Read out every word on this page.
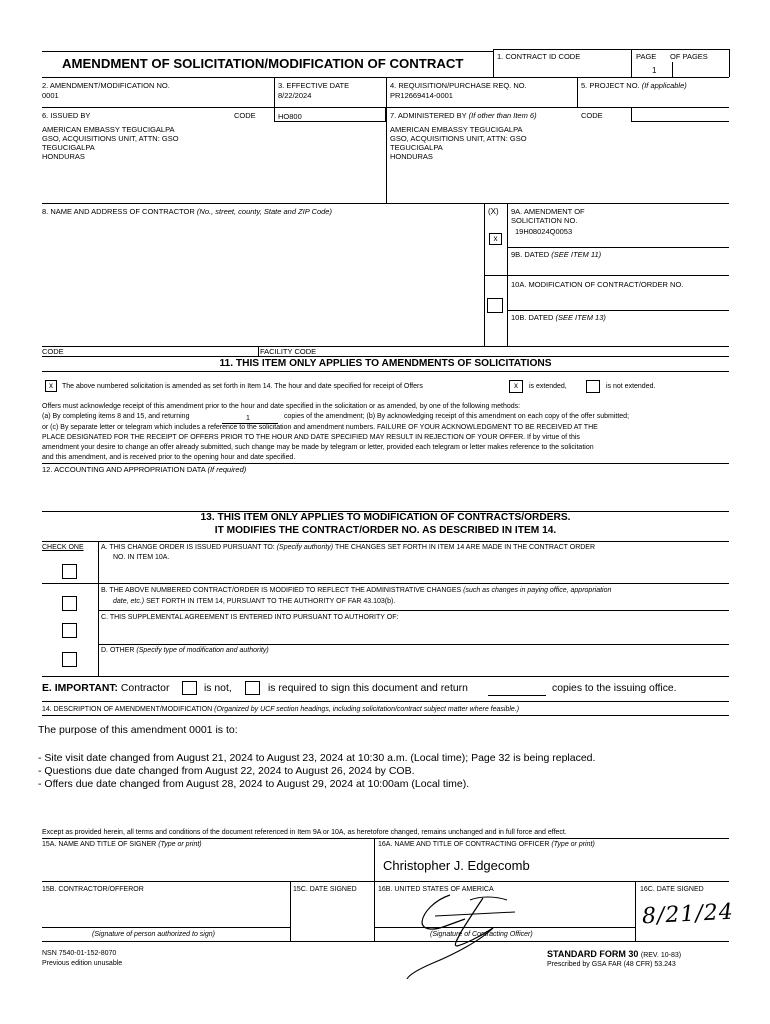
AMENDMENT OF SOLICITATION/MODIFICATION OF CONTRACT	1. CONTRACT ID CODE	PAGE OF PAGES
1
2. AMENDMENT/MODIFICATION NO.
0001
3. EFFECTIVE DATE
8/22/2024
4. REQUISITION/PURCHASE REQ. NO.
PR12669414-0001
5. PROJECT NO. (If applicable)
6. ISSUED BY	CODE	HO800
AMERICAN EMBASSY TEGUCIGALPA
GSO, ACQUISITIONS UNIT, ATTN: GSO
TEGUCIGALPA
HONDURAS
7. ADMINISTERED BY (If other than Item 6)	CODE
AMERICAN EMBASSY TEGUCIGALPA
GSO, ACQUISITIONS UNIT, ATTN: GSO
TEGUCIGALPA
HONDURAS
8. NAME AND ADDRESS OF CONTRACTOR (No., street, county, State and ZIP Code)	(X)
x
9A. AMENDMENT OF SOLICITATION NO.
19H08024Q0053
9B. DATED (SEE ITEM 11)
10A. MODIFICATION OF CONTRACT/ORDER NO.
10B. DATED (SEE ITEM 13)
CODE	FACILITY CODE
11. THIS ITEM ONLY APPLIES TO AMENDMENTS OF SOLICITATIONS
x	The above numbered solicitation is amended as set forth in Item 14. The hour and date specified for receipt of Offers	x	is extended,	is not extended.
Offers must acknowledge receipt of this amendment prior to the hour and date specified in the solicitation or as amended, by one of the following methods:
(a) By completing items 8 and 15, and returning	1	copies of the amendment; (b) By acknowledging receipt of this amendment on each copy of the offer submitted;
or (c) By separate letter or telegram which includes a reference to the solicitation and amendment numbers. FAILURE OF YOUR ACKNOWLEDGMENT TO BE RECEIVED AT THE
PLACE DESIGNATED FOR THE RECEIPT OF OFFERS PRIOR TO THE HOUR AND DATE SPECIFIED MAY RESULT IN REJECTION OF YOUR OFFER. If by virtue of this
amendment your desire to change an offer already submitted, such change may be made by telegram or letter, provided each telegram or letter makes reference to the solicitation
and this amendment, and is received prior to the opening hour and date specified.
12. ACCOUNTING AND APPROPRIATION DATA (If required)
13. THIS ITEM ONLY APPLIES TO MODIFICATION OF CONTRACTS/ORDERS.
IT MODIFIES THE CONTRACT/ORDER NO. AS DESCRIBED IN ITEM 14.
CHECK ONE A. THIS CHANGE ORDER IS ISSUED PURSUANT TO: (Specify authority) THE CHANGES SET FORTH IN ITEM 14 ARE MADE IN THE CONTRACT ORDER
NO. IN ITEM 10A.
B. THE ABOVE NUMBERED CONTRACT/ORDER IS MODIFIED TO REFLECT THE ADMINISTRATIVE CHANGES (such as changes in paying office, appropriation
date, etc.) SET FORTH IN ITEM 14, PURSUANT TO THE AUTHORITY OF FAR 43.103(b).
C. THIS SUPPLEMENTAL AGREEMENT IS ENTERED INTO PURSUANT TO AUTHORITY OF:
D. OTHER (Specify type of modification and authority)
E. IMPORTANT: Contractor	is not,	is required to sign this document and return	copies to the issuing office.
14. DESCRIPTION OF AMENDMENT/MODIFICATION (Organized by UCF section headings, including solicitation/contract subject matter where feasible.)
The purpose of this amendment 0001 is to:
- Site visit date changed from August 21, 2024 to August 23, 2024 at 10:30 a.m. (Local time); Page 32 is being replaced.
- Questions due date changed from August 22, 2024 to August 26, 2024 by COB.
- Offers due date changed from August 28, 2024 to August 29, 2024 at 10:00am (Local time).
Except as provided herein, all terms and conditions of the document referenced in Item 9A or 10A, as heretofore changed, remains unchanged and in full force and effect.
15A. NAME AND TITLE OF SIGNER (Type or print)	16A. NAME AND TITLE OF CONTRACTING OFFICER (Type or print)
Christopher J. Edgecomb
15B. CONTRACTOR/OFFEROR	15C. DATE SIGNED	16B. UNITED STATES OF AMERICA	16C. DATE SIGNED
8/21/24
(Signature of person authorized to sign)	(Signature of Contracting Officer)
NSN 7540-01-152-8070
Previous edition unusable
STANDARD FORM 30 (REV. 10-83)
Prescribed by GSA FAR (48 CFR) 53.243
